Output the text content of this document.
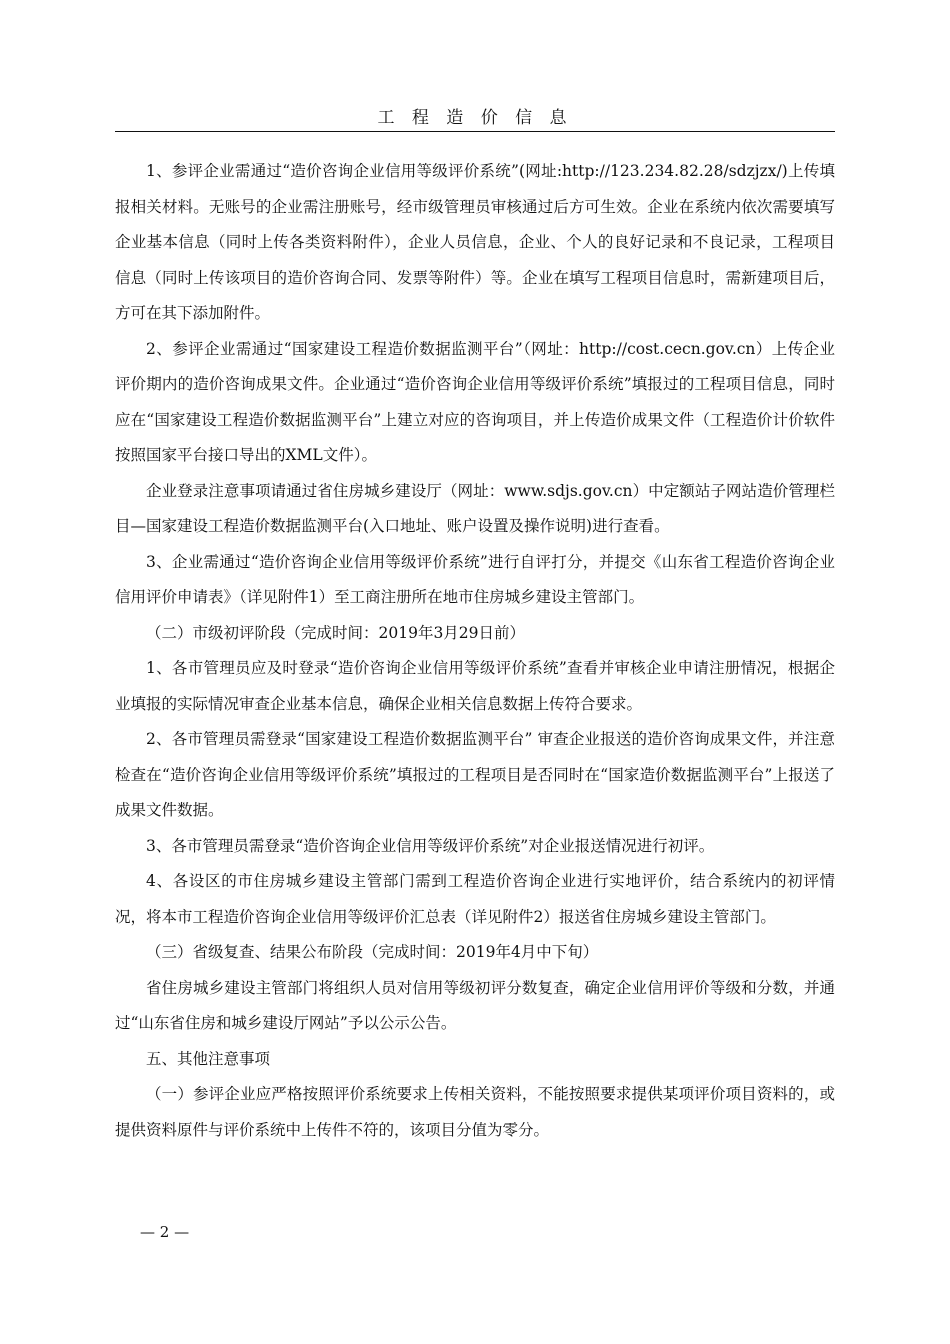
工 程 造 价 信 息

1、参评企业需通过“造价咨询企业信用等级评价系统”(网址:http://123.234.82.28/sdzjzx/)上传填报相关材料。无账号的企业需注册账号，经市级管理员审核通过后方可生效。企业在系统内依次需要填写企业基本信息（同时上传各类资料附件），企业人员信息，企业、个人的良好记录和不良记录，工程项目信息（同时上传该项目的造价咨询合同、发票等附件）等。企业在填写工程项目信息时，需新建项目后，方可在其下添加附件。

2、参评企业需通过“国家建设工程造价数据监测平台”（网址：http://cost.cecn.gov.cn）上传企业评价期内的造价咨询成果文件。企业通过“造价咨询企业信用等级评价系统”填报过的工程项目信息，同时应在“国家建设工程造价数据监测平台”上建立对应的咨询项目，并上传造价成果文件（工程造价计价软件按照国家平台接口导出的XML文件）。

企业登录注意事项请通过省住房城乡建设厅（网址：www.sdjs.gov.cn）中定额站子网站造价管理栏目—国家建设工程造价数据监测平台(入口地址、账户设置及操作说明)进行查看。

3、企业需通过“造价咨询企业信用等级评价系统”进行自评打分，并提交《山东省工程造价咨询企业信用评价申请表》（详见附件1）至工商注册所在地市住房城乡建设主管部门。

（二）市级初评阶段（完成时间：2019年3月29日前）

1、各市管理员应及时登录“造价咨询企业信用等级评价系统”查看并审核企业申请注册情况，根据企业填报的实际情况审查企业基本信息，确保企业相关信息数据上传符合要求。

2、各市管理员需登录“国家建设工程造价数据监测平台” 审查企业报送的造价咨询成果文件，并注意检查在“造价咨询企业信用等级评价系统”填报过的工程项目是否同时在“国家造价数据监测平台”上报送了成果文件数据。

3、各市管理员需登录“造价咨询企业信用等级评价系统”对企业报送情况进行初评。

4、各设区的市住房城乡建设主管部门需到工程造价咨询企业进行实地评价，结合系统内的初评情况，将本市工程造价咨询企业信用等级评价汇总表（详见附件2）报送省住房城乡建设主管部门。

（三）省级复查、结果公布阶段（完成时间：2019年4月中下旬）

省住房城乡建设主管部门将组织人员对信用等级初评分数复查，确定企业信用评价等级和分数，并通过“山东省住房和城乡建设厅网站”予以公示公告。

五、其他注意事项

（一）参评企业应严格按照评价系统要求上传相关资料，不能按照要求提供某项评价项目资料的，或提供资料原件与评价系统中上传件不符的，该项目分值为零分。

— 2 —
